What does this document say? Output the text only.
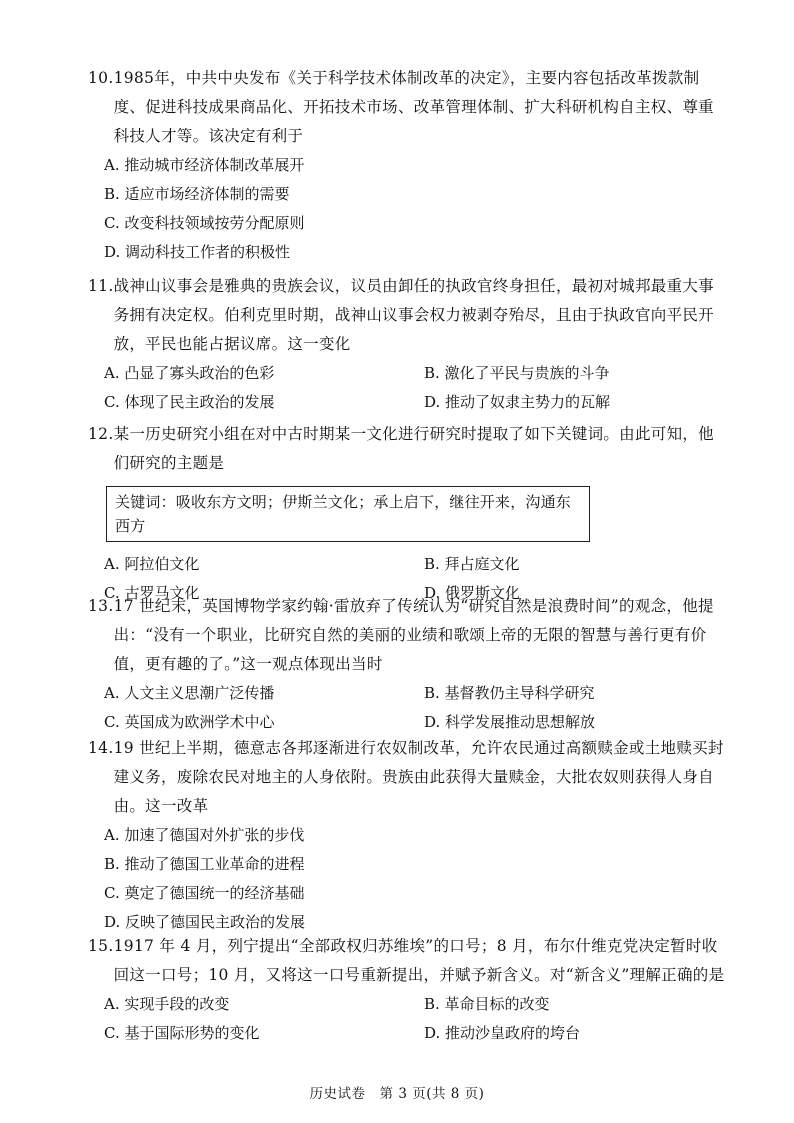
10. 1985年，中共中央发布《关于科学技术体制改革的决定》，主要内容包括改革拨款制度、促进科技成果商品化、开拓技术市场、改革管理体制、扩大科研机构自主权、尊重科技人才等。该决定有利于
A. 推动城市经济体制改革展开
B. 适应市场经济体制的需要
C. 改变科技领域按劳分配原则
D. 调动科技工作者的积极性
11. 战神山议事会是雅典的贵族会议，议员由卸任的执政官终身担任，最初对城邦最重大事务拥有决定权。伯利克里时期，战神山议事会权力被剥夺殆尽，且由于执政官向平民开放，平民也能占据议席。这一变化
A. 凸显了寡头政治的色彩	B. 激化了平民与贵族的斗争
C. 体现了民主政治的发展	D. 推动了奴隶主势力的瓦解
12. 某一历史研究小组在对中古时期某一文化进行研究时提取了如下关键词。由此可知，他们研究的主题是
关键词：吸收东方文明；伊斯兰文化；承上启下，继往开来，沟通东西方
A. 阿拉伯文化	B. 拜占庭文化
C. 古罗马文化	D. 俄罗斯文化
13. 17 世纪末，英国博物学家约翰·雷放弃了传统认为“研究自然是浪费时间”的观念，他提出：“没有一个职业，比研究自然的美丽的业绩和歌颂上帝的无限的智慧与善行更有价值，更有趣的了。”这一观点体现出当时
A. 人文主义思潮广泛传播	B. 基督教仍主导科学研究
C. 英国成为欧洲学术中心	D. 科学发展推动思想解放
14. 19 世纪上半期，德意志各邦逐渐进行农奴制改革，允许农民通过高额赎金或土地赎买封建义务，废除农民对地主的人身依附。贵族由此获得大量赎金，大批农奴则获得人身自由。这一改革
A. 加速了德国对外扩张的步伐
B. 推动了德国工业革命的进程
C. 奠定了德国统一的经济基础
D. 反映了德国民主政治的发展
15. 1917 年 4 月，列宁提出“全部政权归苏维埃”的口号；8 月，布尔什维克党决定暂时收回这一口号；10 月，又将这一口号重新提出，并赋予新含义。对“新含义”理解正确的是
A. 实现手段的改变	B. 革命目标的改变
C. 基于国际形势的变化	D. 推动沙皇政府的垮台
历史试卷　第 3 页(共 8 页)
